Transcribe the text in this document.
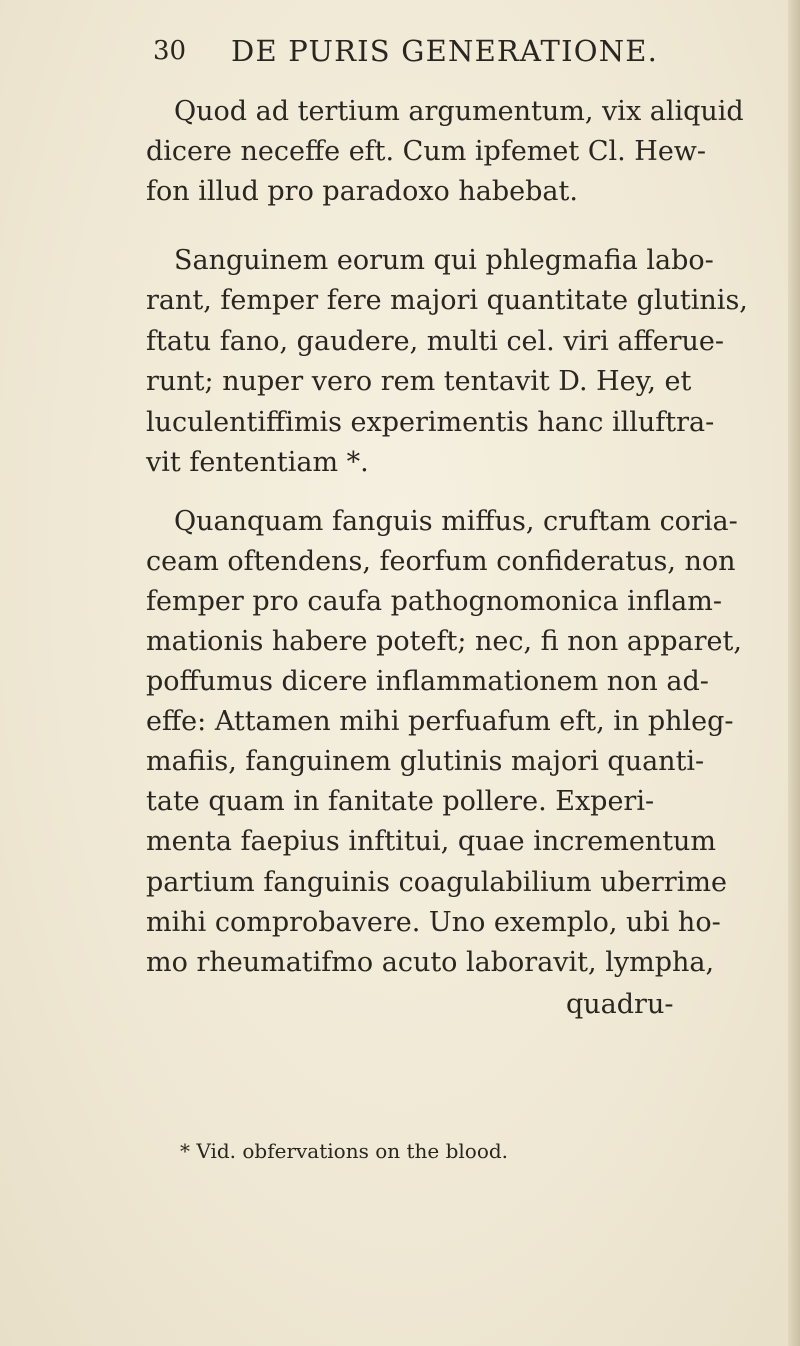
30 DE PURIS GENERATIONE.
Quod ad tertium argumentum, vix aliquid
dicere neceffe eft. Cum ipfemet Cl. Hew-
fon illud pro paradoxo habebat.
Sanguinem eorum qui phlegmafia labo-
rant, femper fere majori quantitate glutinis,
ftatu fano, gaudere, multi cel. viri afferue-
runt; nuper vero rem tentavit D. Hey, et
luculentiffimis experimentis hanc illuftra-
vit fententiam *.
Quanquam fanguis miffus, cruftam coria-
ceam oftendens, feorfum confideratus, non
femper pro caufa pathognomonica inflam-
mationis habere poteft; nec, fi non apparet,
poffumus dicere inflammationem non ad-
effe: Attamen mihi perfuafum eft, in phleg-
mafiis, fanguinem glutinis majori quanti-
tate quam in fanitate pollere. Experi-
menta faepius inftitui, quae incrementum
partium fanguinis coagulabilium uberrime
mihi comprobavere. Uno exemplo, ubi ho-
mo rheumatifmo acuto laboravit, lympha,
quadru-
* Vid. obfervations on the blood.
